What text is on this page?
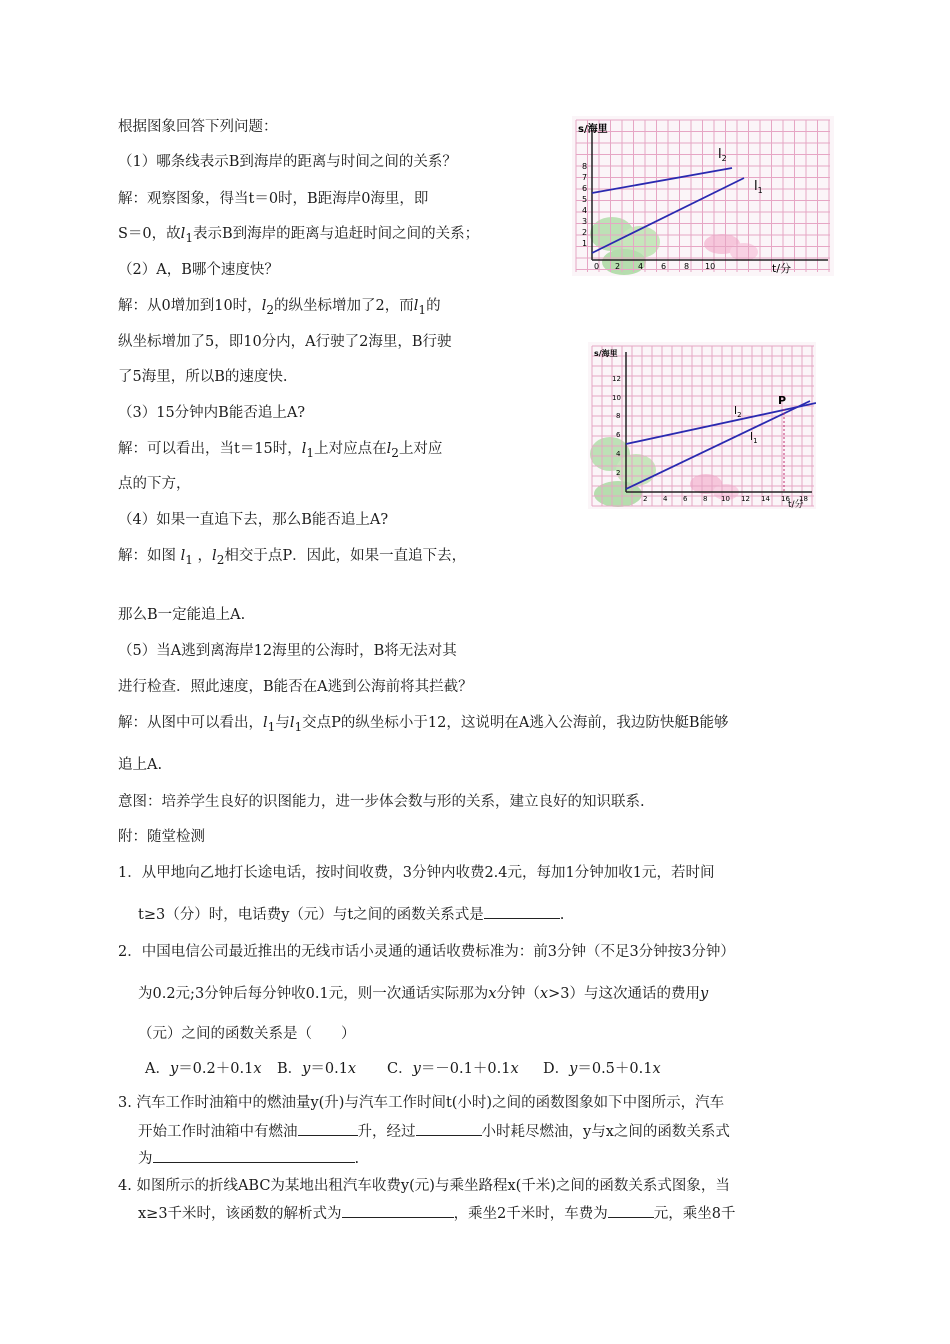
根据图象回答下列问题：
（1）哪条线表示B到海岸的距离与时间之间的关系？
解：观察图象，得当t＝0时，B距海岸0海里，即
S＝0，故$l_1$表示B到海岸的距离与追赶时间之间的关系；
（2）A，B哪个速度快？
解：从0增加到10时，$l_2$的纵坐标增加了2，而$l_1$的
纵坐标增加了5，即10分内，A行驶了2海里，B行驶
了5海里，所以B的速度快.
（3）15分钟内B能否追上A?
解：可以看出，当t＝15时，$l_1$上对应点在$l_2$上对应
点的下方，
（4）如果一直追下去，那么B能否追上A?
解：如图 $l_1$ ，$l_2$相交于点P．因此，如果一直追下去，
那么B一定能追上A.
（5）当A逃到离海岸12海里的公海时，B将无法对其
进行检查．照此速度，B能否在A逃到公海前将其拦截？
解：从图中可以看出，$l_1$与$l_1$交点P的纵坐标小于12，这说明在A逃入公海前，我边防快艇B能够
追上A.
意图：培养学生良好的识图能力，进一步体会数与形的关系，建立良好的知识联系.
附：随堂检测
1．从甲地向乙地打长途电话，按时间收费，3分钟内收费2.4元，每加1分钟加收1元，若时间
t≥3（分）时，电话费y（元）与t之间的函数关系式是	.
2．中国电信公司最近推出的无线市话小灵通的通话收费标准为：前3分钟（不足3分钟按3分钟）
为0.2元;3分钟后每分钟收0.1元，则一次通话实际那为x分钟（x>3）与这次通话的费用y
（元）之间的函数关系是（　　）
A．y＝0.2＋0.1x B．y＝0.1x C．y＝－0.1＋0.1x D．y＝0.5＋0.1x
3. 汽车工作时油箱中的燃油量y(升)与汽车工作时间t(小时)之间的函数图象如下中图所示，汽车
开始工作时油箱中有燃油	升，经过	小时耗尽燃油，y与x之间的函数关系式
为	.
4. 如图所示的折线ABC为某地出租汽车收费y(元)与乘坐路程x(千米)之间的函数关系式图象，当
x≥3千米时，该函数的解析式为	，乘坐2千米时，车费为	元，乘坐8千
s/海里
t/分
0
1
2
3
4
5
6
7
8
2 4 6 8 10
$l_2$
$l_1$
s/海里
t/分
2
4
6
8
10
12
2 4 6 8 10 12 14 16 18
P
$l_2$
$l_1$
